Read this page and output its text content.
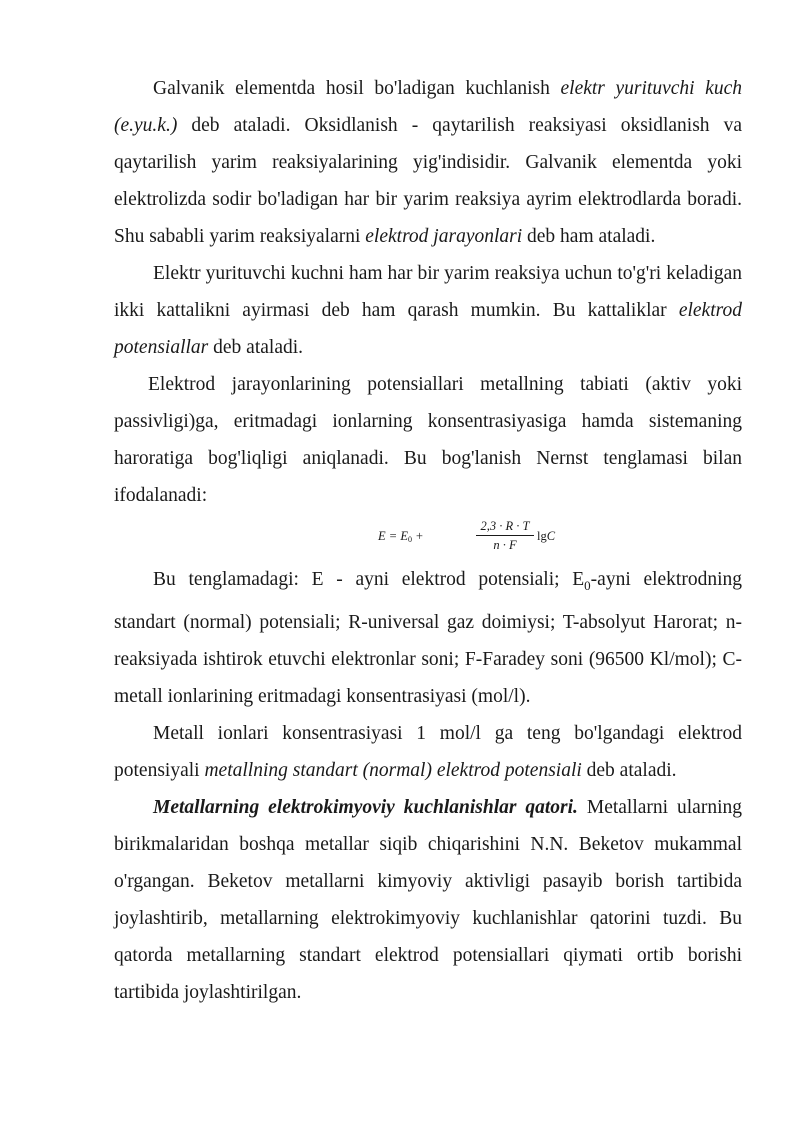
Galvanik elementda hosil bo'ladigan kuchlanish elektr yurituvchi kuch (e.yu.k.) deb ataladi. Oksidlanish - qaytarilish reaksiyasi oksidlanish va qaytarilish yarim reaksiyalarining yig'indisidir. Galvanik elementda yoki elektrolizda sodir bo'ladigan har bir yarim reaksiya ayrim elektrodlarda boradi. Shu sababli yarim reaksiyalarni elektrod jarayonlari deb ham ataladi.

Elektr yurituvchi kuchni ham har bir yarim reaksiya uchun to'g'ri keladigan ikki kattalikni ayirmasi deb ham qarash mumkin. Bu kattaliklar elektrod potensiallar deb ataladi.

Elektrod jarayonlarining potensiallari metallning tabiati (aktiv yoki passivligi)ga, eritmadagi ionlarning konsentrasiyasiga hamda sistemaning haroratiga bog'liqligi aniqlanadi. Bu bog'lanish Nernst tenglamasi bilan ifodalanadi:

$E = E_0$ +
2,3 · R · T
n · F
lgC

Bu tenglamadagi: E - ayni elektrod potensiali; $E_0$-ayni elektrodning standart (normal) potensiali; R-universal gaz doimiysi; T-absolyut Harorat; n-reaksiyada ishtirok etuvchi elektronlar soni; F-Faradey soni (96500 Kl/mol); C-metall ionlarining eritmadagi konsentrasiyasi (mol/l).

Metall ionlari konsentrasiyasi 1 mol/l ga teng bo'lgandagi elektrod potensiyali metallning standart (normal) elektrod potensiali deb ataladi.

Metallarning elektrokimyoviy kuchlanishlar qatori. Metallarni ularning birikmalaridan boshqa metallar siqib chiqarishini N.N. Beketov mukammal o'rgangan. Beketov metallarni kimyoviy aktivligi pasayib borish tartibida joylashtirib, metallarning elektrokimyoviy kuchlanishlar qatorini tuzdi. Bu qatorda metallarning standart elektrod potensiallari qiymati ortib borishi tartibida joylashtirilgan.
